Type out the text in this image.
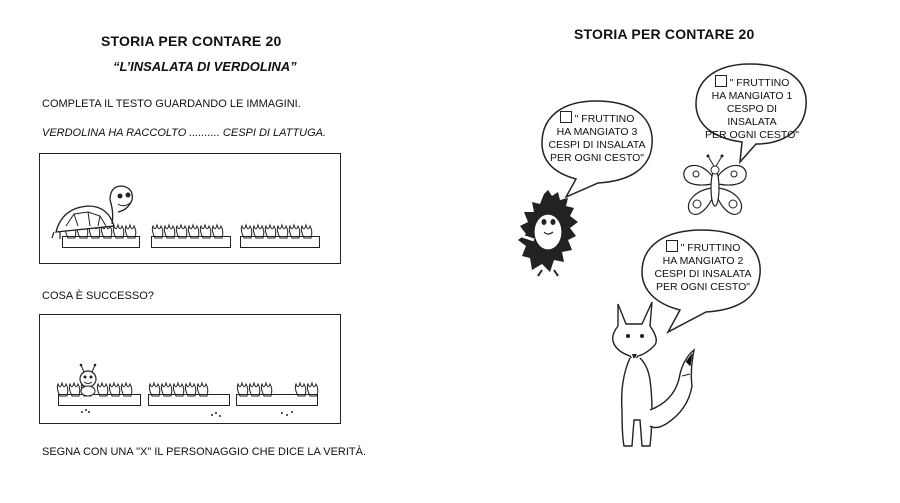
STORIA PER CONTARE 20
“L’INSALATA DI VERDOLINA”
COMPLETA IL TESTO GUARDANDO LE IMMAGINI.
VERDOLINA HA RACCOLTO .......... CESPI DI LATTUGA.
COSA È SUCCESSO?
SEGNA CON UNA "X" IL PERSONAGGIO CHE DICE LA VERITÀ.
STORIA PER CONTARE 20
" FRUTTINO
HA MANGIATO 1
CESPO DI INSALATA
PER OGNI CESTO"
" FRUTTINO
HA MANGIATO 3
CESPI DI INSALATA
PER OGNI CESTO"
" FRUTTINO
HA MANGIATO 2
CESPI DI INSALATA
PER OGNI CESTO"
